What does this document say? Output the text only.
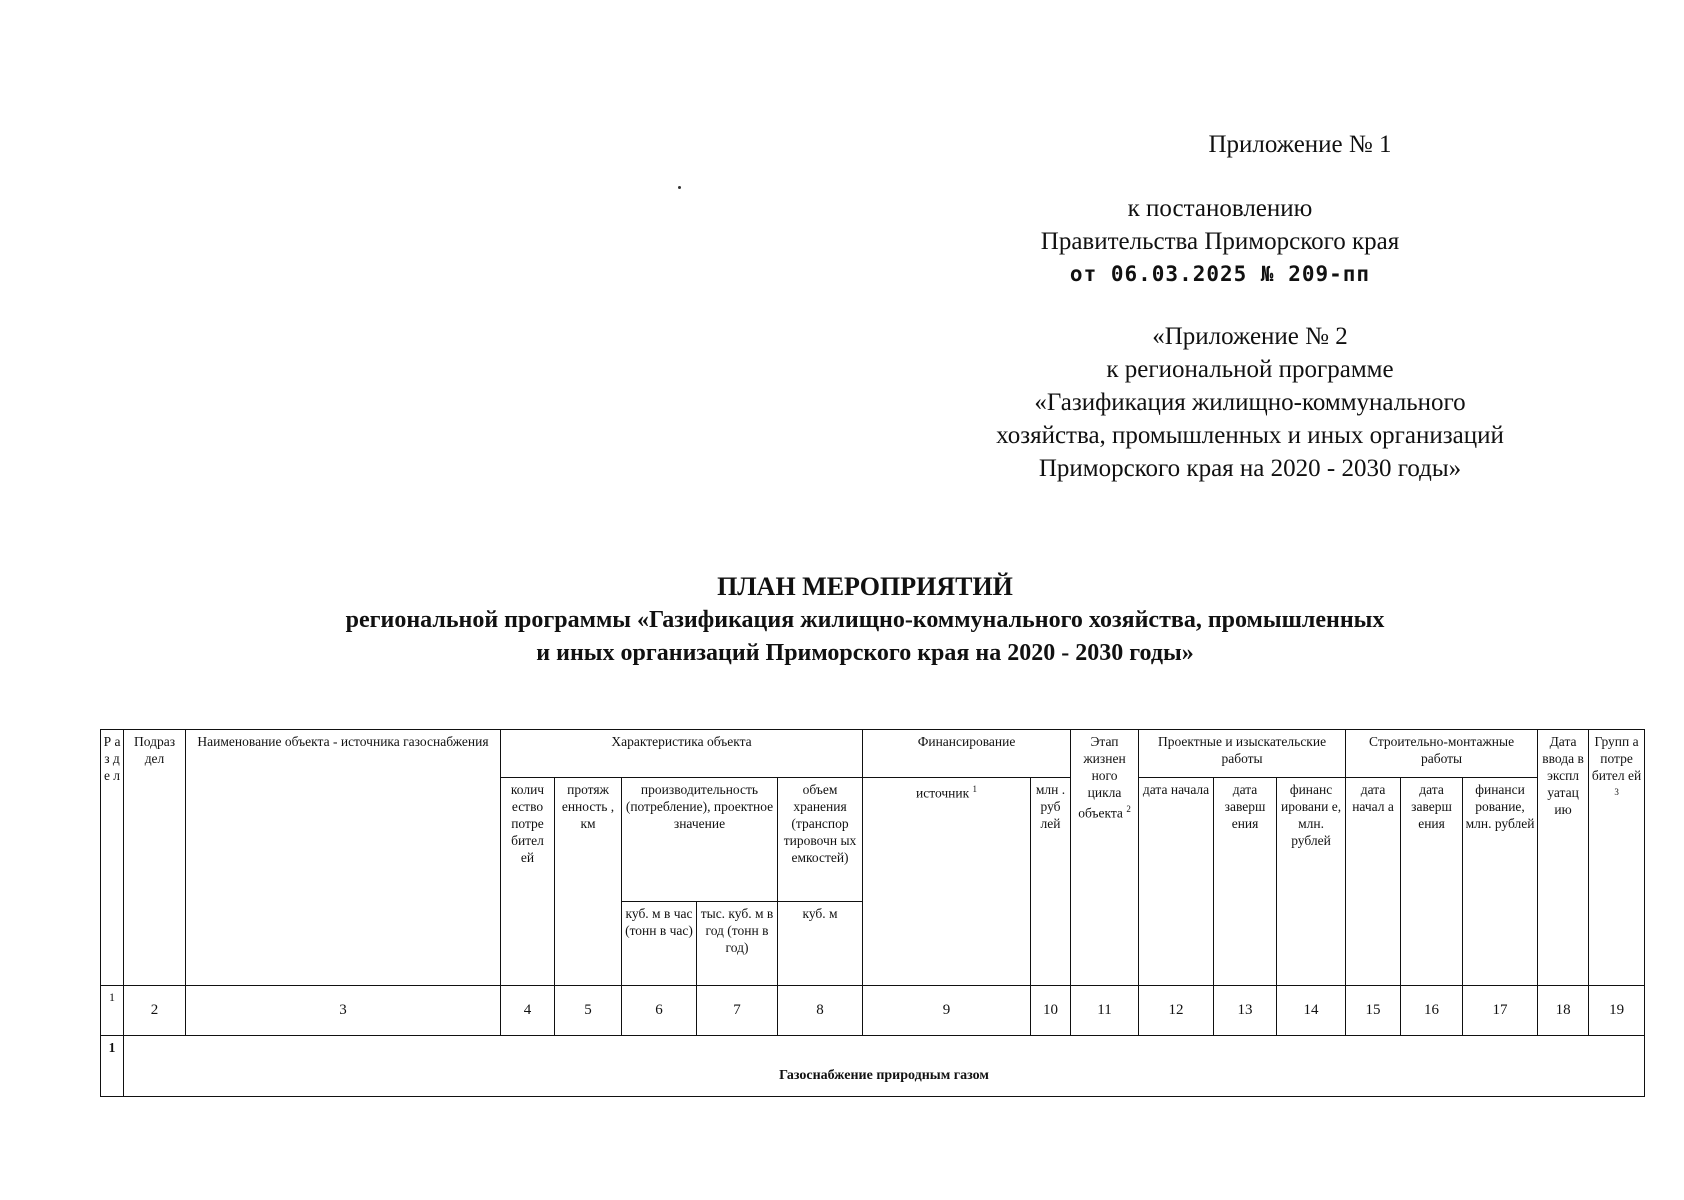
Приложение № 1
к постановлению
Правительства Приморского края
от 06.03.2025 № 209-пп
«Приложение № 2
к региональной программе
«Газификация жилищно-коммунального
хозяйства, промышленных и иных организаций
Приморского края на 2020 - 2030 годы»
ПЛАН МЕРОПРИЯТИЙ
региональной программы «Газификация жилищно-коммунального хозяйства, промышленных
и иных организаций Приморского края на 2020 - 2030 годы»
Р а з д е л	Подраз дел	Наименование объекта - источника газоснабжения	Характеристика объекта					Финансирование		Этап жизнен ного цикла объекта $^2$	Проектные и изыскательские работы			Строительно-монтажные работы			Дата ввода в экспл уатац ию	Групп а потре бител ей $^3$
			колич ество потре бител ей	протяж енность , км	производительность (потребление), проектное значение		объем хранения (транспор тировочн ых емкостей)	источник $^1$	млн . руб лей		дата начала	дата заверш ения	финанс ировани е, млн. рублей	дата начал а	дата заверш ения	финанси рование, млн. рублей		
					куб. м в час (тонн в час)	тыс. куб. м в год (тонн в год)	куб. м											
1	2	3	4	5	6	7	8	9	10	11	12	13	14	15	16	17	18	19
1	Газоснабжение природным газом																	
